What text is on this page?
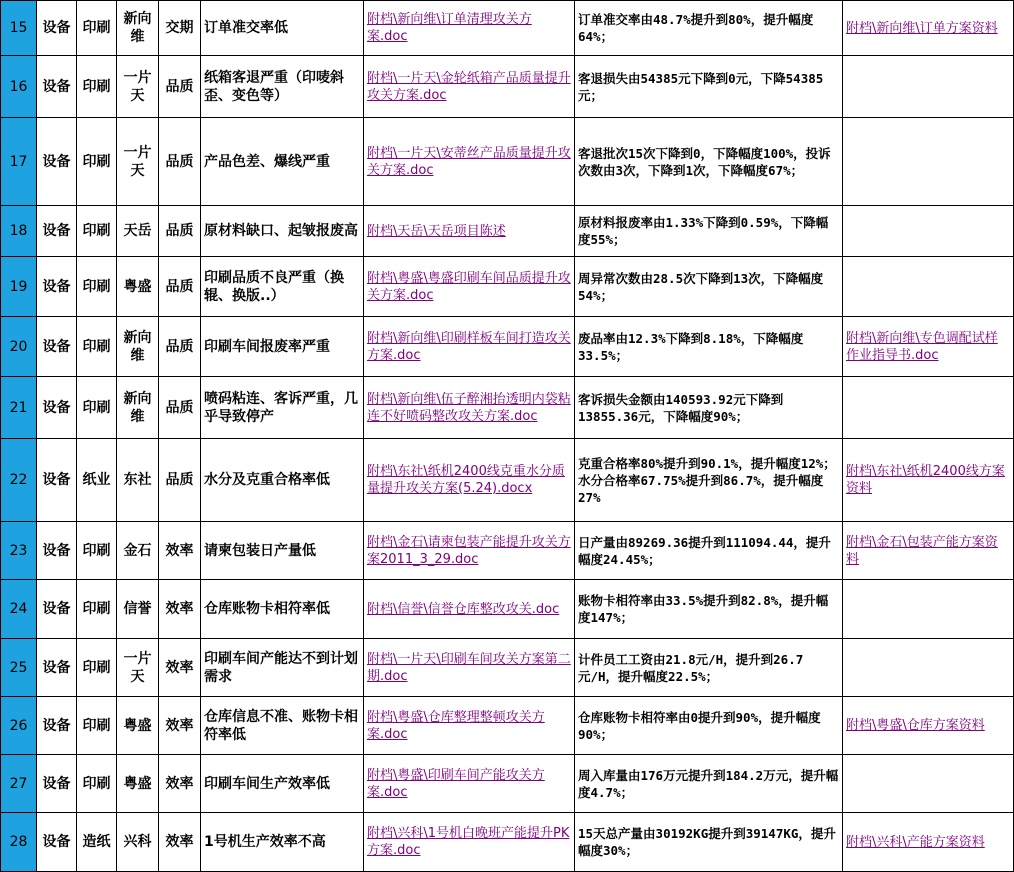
15	设备	印刷	新向维	交期	订单准交率低	附档\新向维\订单清理攻关方案.doc	订单准交率由48.7%提升到80%，提升幅度64%；	附档\新向维\订单方案资料
16	设备	印刷	一片天	品质	纸箱客退严重（印唛斜歪、变色等）	附档\一片天\金轮纸箱产品质量提升攻关方案.doc	客退损失由54385元下降到0元，下降54385元；	
17	设备	印刷	一片天	品质	产品色差、爆线严重	附档\一片天\安蒂丝产品质量提升攻关方案.doc	客退批次15次下降到0，下降幅度100%，投诉次数由3次，下降到1次，下降幅度67%；	
18	设备	印刷	天岳	品质	原材料缺口、起皱报废高	附档\天岳\天岳项目陈述	原材料报废率由1.33%下降到0.59%，下降幅度55%；	
19	设备	印刷	粤盛	品质	印刷品质不良严重（换辊、换版..）	附档\粤盛\粤盛印刷车间品质提升攻关方案.doc	周异常次数由28.5次下降到13次，下降幅度54%；	
20	设备	印刷	新向维	品质	印刷车间报废率严重	附档\新向维\印刷样板车间打造攻关方案.doc	废品率由12.3%下降到8.18%，下降幅度33.5%；	附档\新向维\专色调配试样作业指导书.doc
21	设备	印刷	新向维	品质	喷码粘连、客诉严重，几乎导致停产	附档\新向维\伍子醉湘抬透明内袋粘连不好喷码整改攻关方案.doc	客诉损失金额由140593.92元下降到13855.36元，下降幅度90%；	
22	设备	纸业	东社	品质	水分及克重合格率低	附档\东社\纸机2400线克重水分质量提升攻关方案(5.24).docx	克重合格率80%提升到90.1%，提升幅度12%；水分合格率67.75%提升到86.7%，提升幅度27%	附档\东社\纸机2400线方案资料
23	设备	印刷	金石	效率	请柬包装日产量低	附档\金石\请柬包装产能提升攻关方案2011_3_29.doc	日产量由89269.36提升到111094.44，提升幅度24.45%；	附档\金石\包装产能方案资料
24	设备	印刷	信誉	效率	仓库账物卡相符率低	附档\信誉\信誉仓库整改攻关.doc	账物卡相符率由33.5%提升到82.8%，提升幅度147%；	
25	设备	印刷	一片天	效率	印刷车间产能达不到计划需求	附档\一片天\印刷车间攻关方案第二期.doc	计件员工工资由21.8元/H，提升到26.7元/H，提升幅度22.5%；	
26	设备	印刷	粤盛	效率	仓库信息不准、账物卡相符率低	附档\粤盛\仓库整理整顿攻关方案.doc	仓库账物卡相符率由0提升到90%，提升幅度90%；	附档\粤盛\仓库方案资料
27	设备	印刷	粤盛	效率	印刷车间生产效率低	附档\粤盛\印刷车间产能攻关方案.doc	周入库量由176万元提升到184.2万元，提升幅度4.7%；	
28	设备	造纸	兴科	效率	1号机生产效率不高	附档\兴科\1号机白晚班产能提升PK方案.doc	15天总产量由30192KG提升到39147KG，提升幅度30%；	附档\兴科\产能方案资料
